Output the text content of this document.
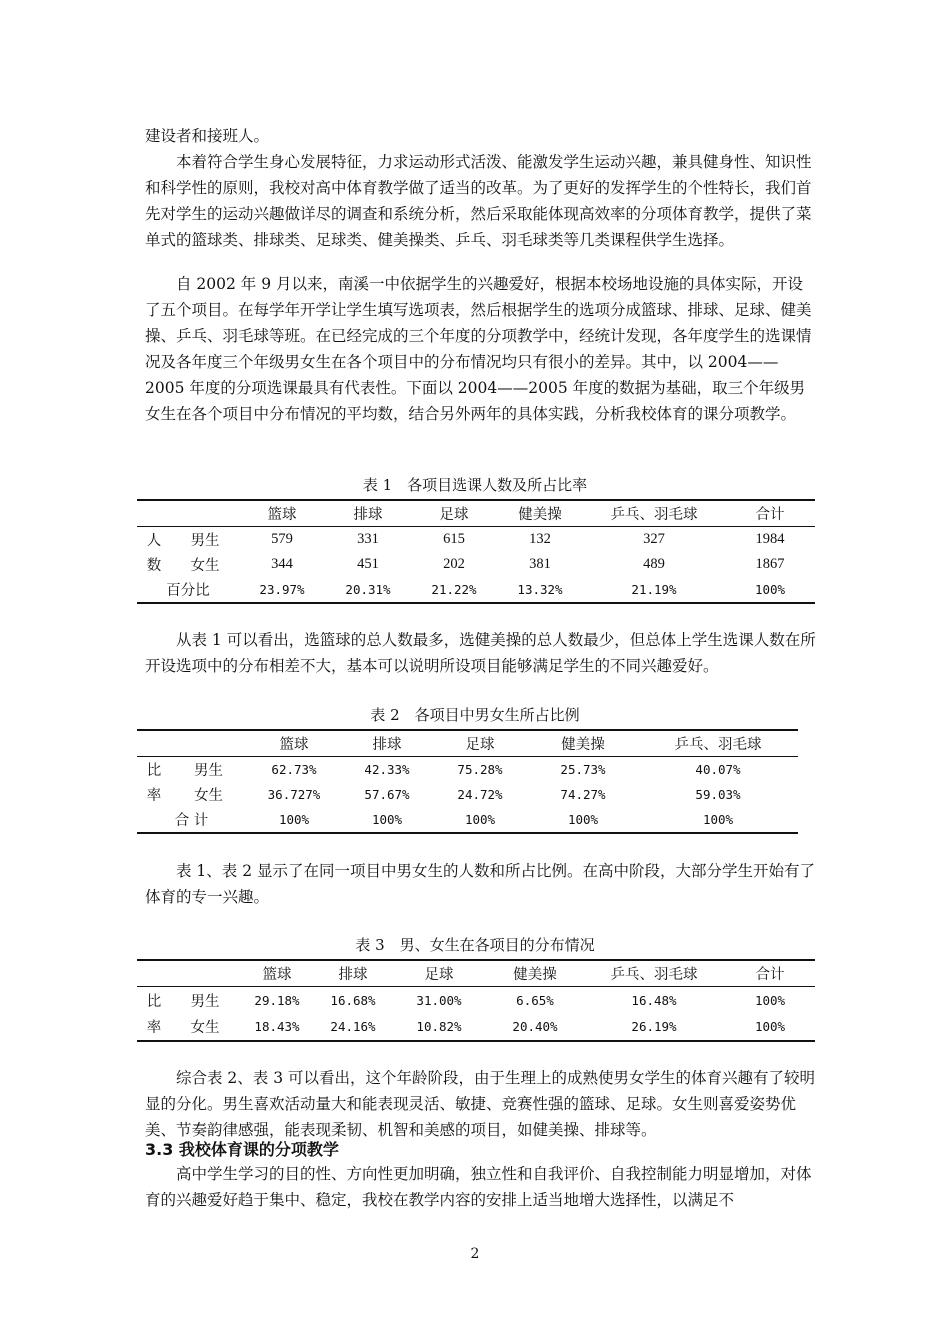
建设者和接班人。

本着符合学生身心发展特征，力求运动形式活泼、能激发学生运动兴趣，兼具健身性、知识性和科学性的原则，我校对高中体育教学做了适当的改革。为了更好的发挥学生的个性特长，我们首先对学生的运动兴趣做详尽的调查和系统分析，然后采取能体现高效率的分项体育教学，提供了菜单式的篮球类、排球类、足球类、健美操类、乒乓、羽毛球类等几类课程供学生选择。

自 2002 年 9 月以来，南溪一中依据学生的兴趣爱好，根据本校场地设施的具体实际，开设了五个项目。在每学年开学让学生填写选项表，然后根据学生的选项分成篮球、排球、足球、健美操、乒乓、羽毛球等班。在已经完成的三个年度的分项教学中，经统计发现，各年度学生的选课情况及各年度三个年级男女生在各个项目中的分布情况均只有很小的差异。其中，以 2004——2005 年度的分项选课最具有代表性。下面以 2004——2005 年度的数据为基础，取三个年级男女生在各个项目中分布情况的平均数，结合另外两年的具体实践，分析我校体育的课分项教学。

表 1　各项目选课人数及所占比率
		篮球	排球	足球	健美操	乒乓、羽毛球	合计
人	男生	579	331	615	132	327	1984
数	女生	344	451	202	381	489	1867
百分比		23.97%	20.31%	21.22%	13.32%	21.19%	100%

从表 1 可以看出，选篮球的总人数最多，选健美操的总人数最少，但总体上学生选课人数在所开设选项中的分布相差不大，基本可以说明所设项目能够满足学生的不同兴趣爱好。

表 2　各项目中男女生所占比例
		篮球	排球	足球	健美操	乒乓、羽毛球
比	男生	62.73%	42.33%	75.28%	25.73%	40.07%
率	女生	36.727%	57.67%	24.72%	74.27%	59.03%
合 计		100%	100%	100%	100%	100%

表 1、表 2 显示了在同一项目中男女生的人数和所占比例。在高中阶段，大部分学生开始有了体育的专一兴趣。

表 3　男、女生在各项目的分布情况
		篮球	排球	足球	健美操	乒乓、羽毛球	合计
比	男生	29.18%	16.68%	31.00%	6.65%	16.48%	100%
率	女生	18.43%	24.16%	10.82%	20.40%	26.19%	100%

综合表 2、表 3 可以看出，这个年龄阶段，由于生理上的成熟使男女学生的体育兴趣有了较明显的分化。男生喜欢活动量大和能表现灵活、敏捷、竞赛性强的篮球、足球。女生则喜爱姿势优美、节奏韵律感强，能表现柔韧、机智和美感的项目，如健美操、排球等。

3.3 我校体育课的分项教学

高中学生学习的目的性、方向性更加明确，独立性和自我评价、自我控制能力明显增加，对体育的兴趣爱好趋于集中、稳定，我校在教学内容的安排上适当地增大选择性，以满足不

2
